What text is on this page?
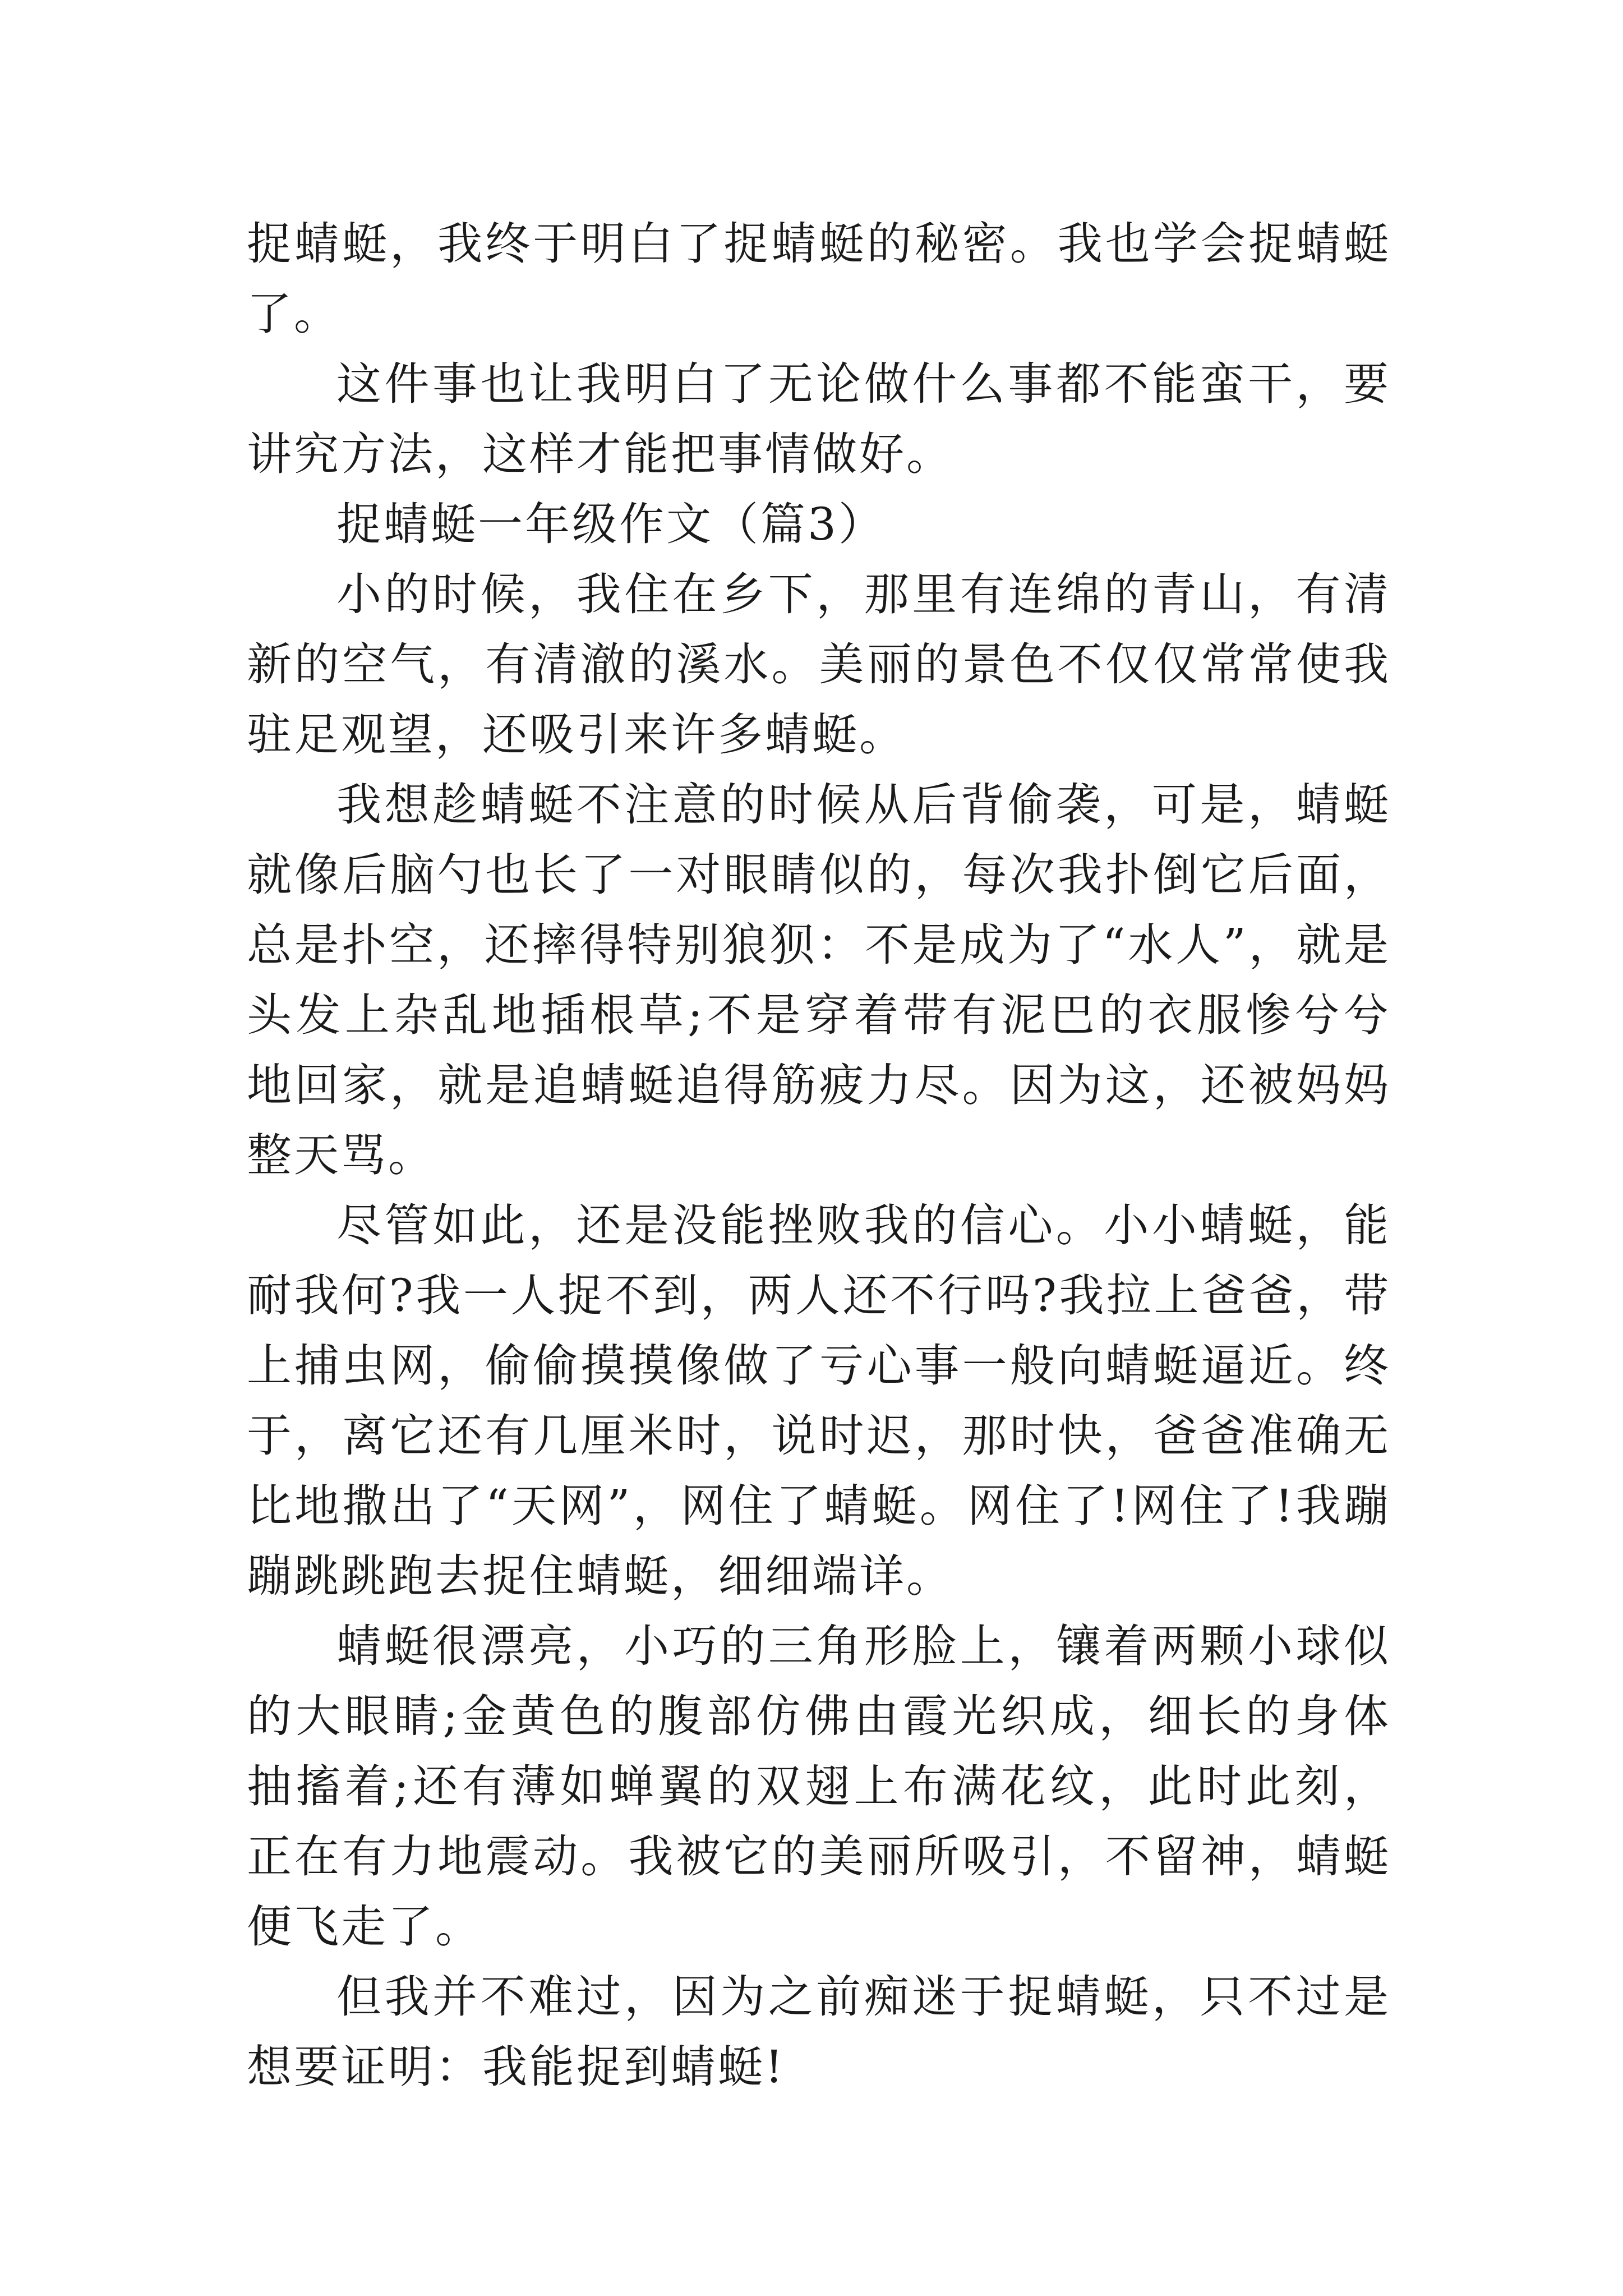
捉蜻蜓，我终于明白了捉蜻蜓的秘密。我也学会捉蜻蜓了。

这件事也让我明白了无论做什么事都不能蛮干，要讲究方法，这样才能把事情做好。

捉蜻蜓一年级作文（篇3）

小的时候，我住在乡下，那里有连绵的青山，有清新的空气，有清澈的溪水。美丽的景色不仅仅常常使我驻足观望，还吸引来许多蜻蜓。

我想趁蜻蜓不注意的时候从后背偷袭，可是，蜻蜓就像后脑勺也长了一对眼睛似的，每次我扑倒它后面，总是扑空，还摔得特别狼狈：不是成为了“水人”，就是头发上杂乱地插根草;不是穿着带有泥巴的衣服惨兮兮地回家，就是追蜻蜓追得筋疲力尽。因为这，还被妈妈整天骂。

尽管如此，还是没能挫败我的信心。小小蜻蜓，能耐我何?我一人捉不到，两人还不行吗?我拉上爸爸，带上捕虫网，偷偷摸摸像做了亏心事一般向蜻蜓逼近。终于，离它还有几厘米时，说时迟，那时快，爸爸准确无比地撒出了“天网”，网住了蜻蜓。网住了!网住了!我蹦蹦跳跳跑去捉住蜻蜓，细细端详。

蜻蜓很漂亮，小巧的三角形脸上，镶着两颗小球似的大眼睛;金黄色的腹部仿佛由霞光织成，细长的身体抽搐着;还有薄如蝉翼的双翅上布满花纹，此时此刻，正在有力地震动。我被它的美丽所吸引，不留神，蜻蜓便飞走了。

但我并不难过，因为之前痴迷于捉蜻蜓，只不过是想要证明：我能捉到蜻蜓!
